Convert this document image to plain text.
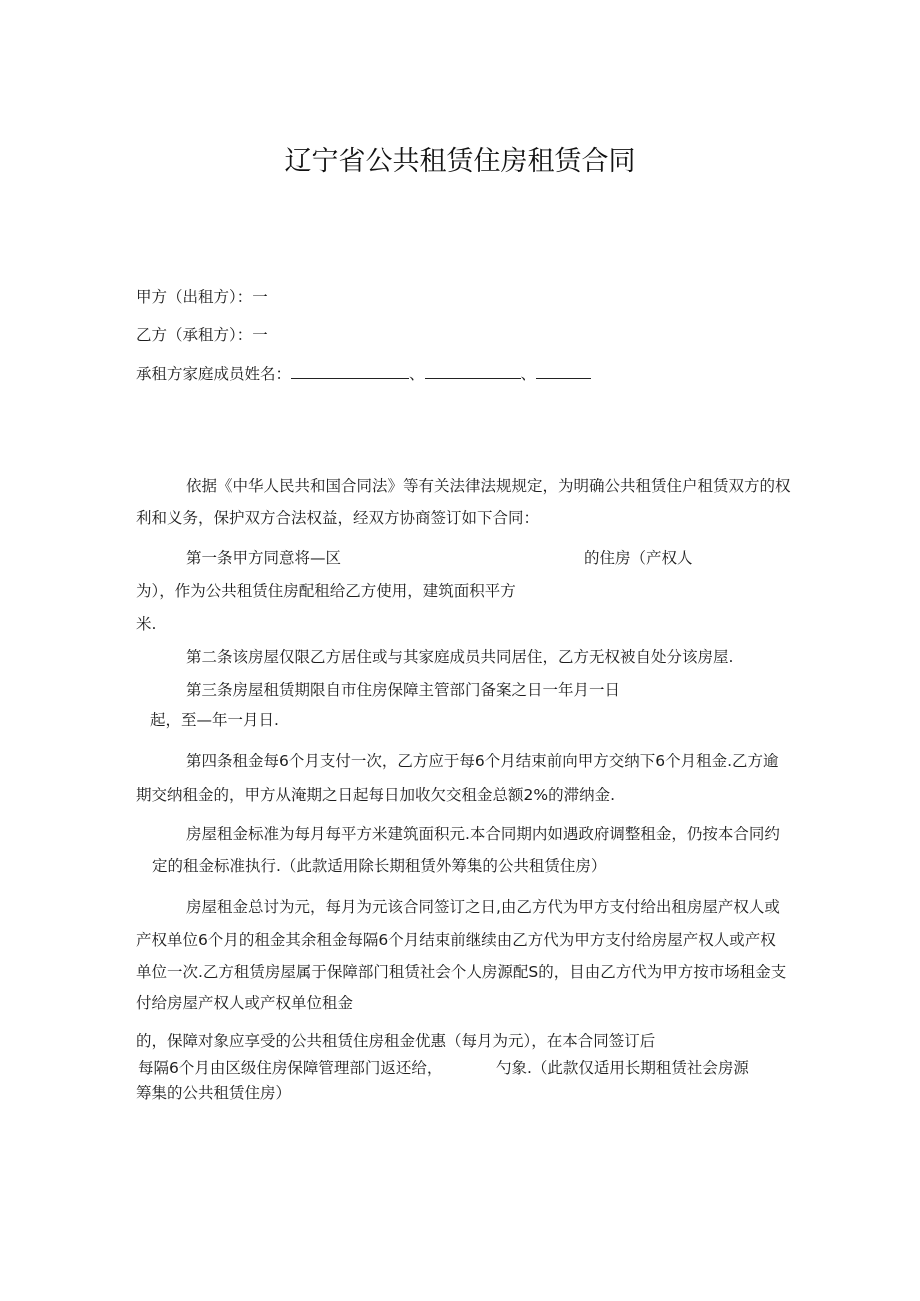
辽宁省公共租赁住房租赁合同
甲方（出租方）：一
乙方（承租方）：一
承租方家庭成员姓名：	、	、
依据《中华人民共和国合同法》等有关法律法规规定，为明确公共租赁住户租赁双方的权
利和义务，保护双方合法权益，经双方协商签订如下合同：
第一条甲方同意将—区	的住房（产权人
为），作为公共租赁住房配租给乙方使用，建筑面积平方
米.
第二条该房屋仅限乙方居住或与其家庭成员共同居住，乙方无权被自处分该房屋.
第三条房屋租赁期限自市住房保障主管部门备案之日一年月一日
起，至—年一月日.
第四条租金每6个月支付一次，乙方应于每6个月结束前向甲方交纳下6个月租金.乙方逾
期交纳租金的，甲方从淹期之日起每日加收欠交租金总额2%的滞纳金.
房屋租金标准为每月每平方米建筑面积元.本合同期内如遇政府调整租金，仍按本合同约
定的租金标准执行.（此款适用除长期租赁外筹集的公共租赁住房）
房屋租金总讨为元，每月为元该合同签订之日,由乙方代为甲方支付给出租房屋产权人或
产权单位6个月的租金其余租金每隔6个月结束前继续由乙方代为甲方支付给房屋产权人或产权
单位一次.乙方租赁房屋属于保障部门租赁社会个人房源配S的，目由乙方代为甲方按市场租金支
付给房屋产权人或产权单位租金
的，保障对象应享受的公共租赁住房租金优惠（每月为元），在本合同签订后
每隔6个月由区级住房保障管理部门返还给，	勺象.（此款仅适用长期租赁社会房源
筹集的公共租赁住房）
